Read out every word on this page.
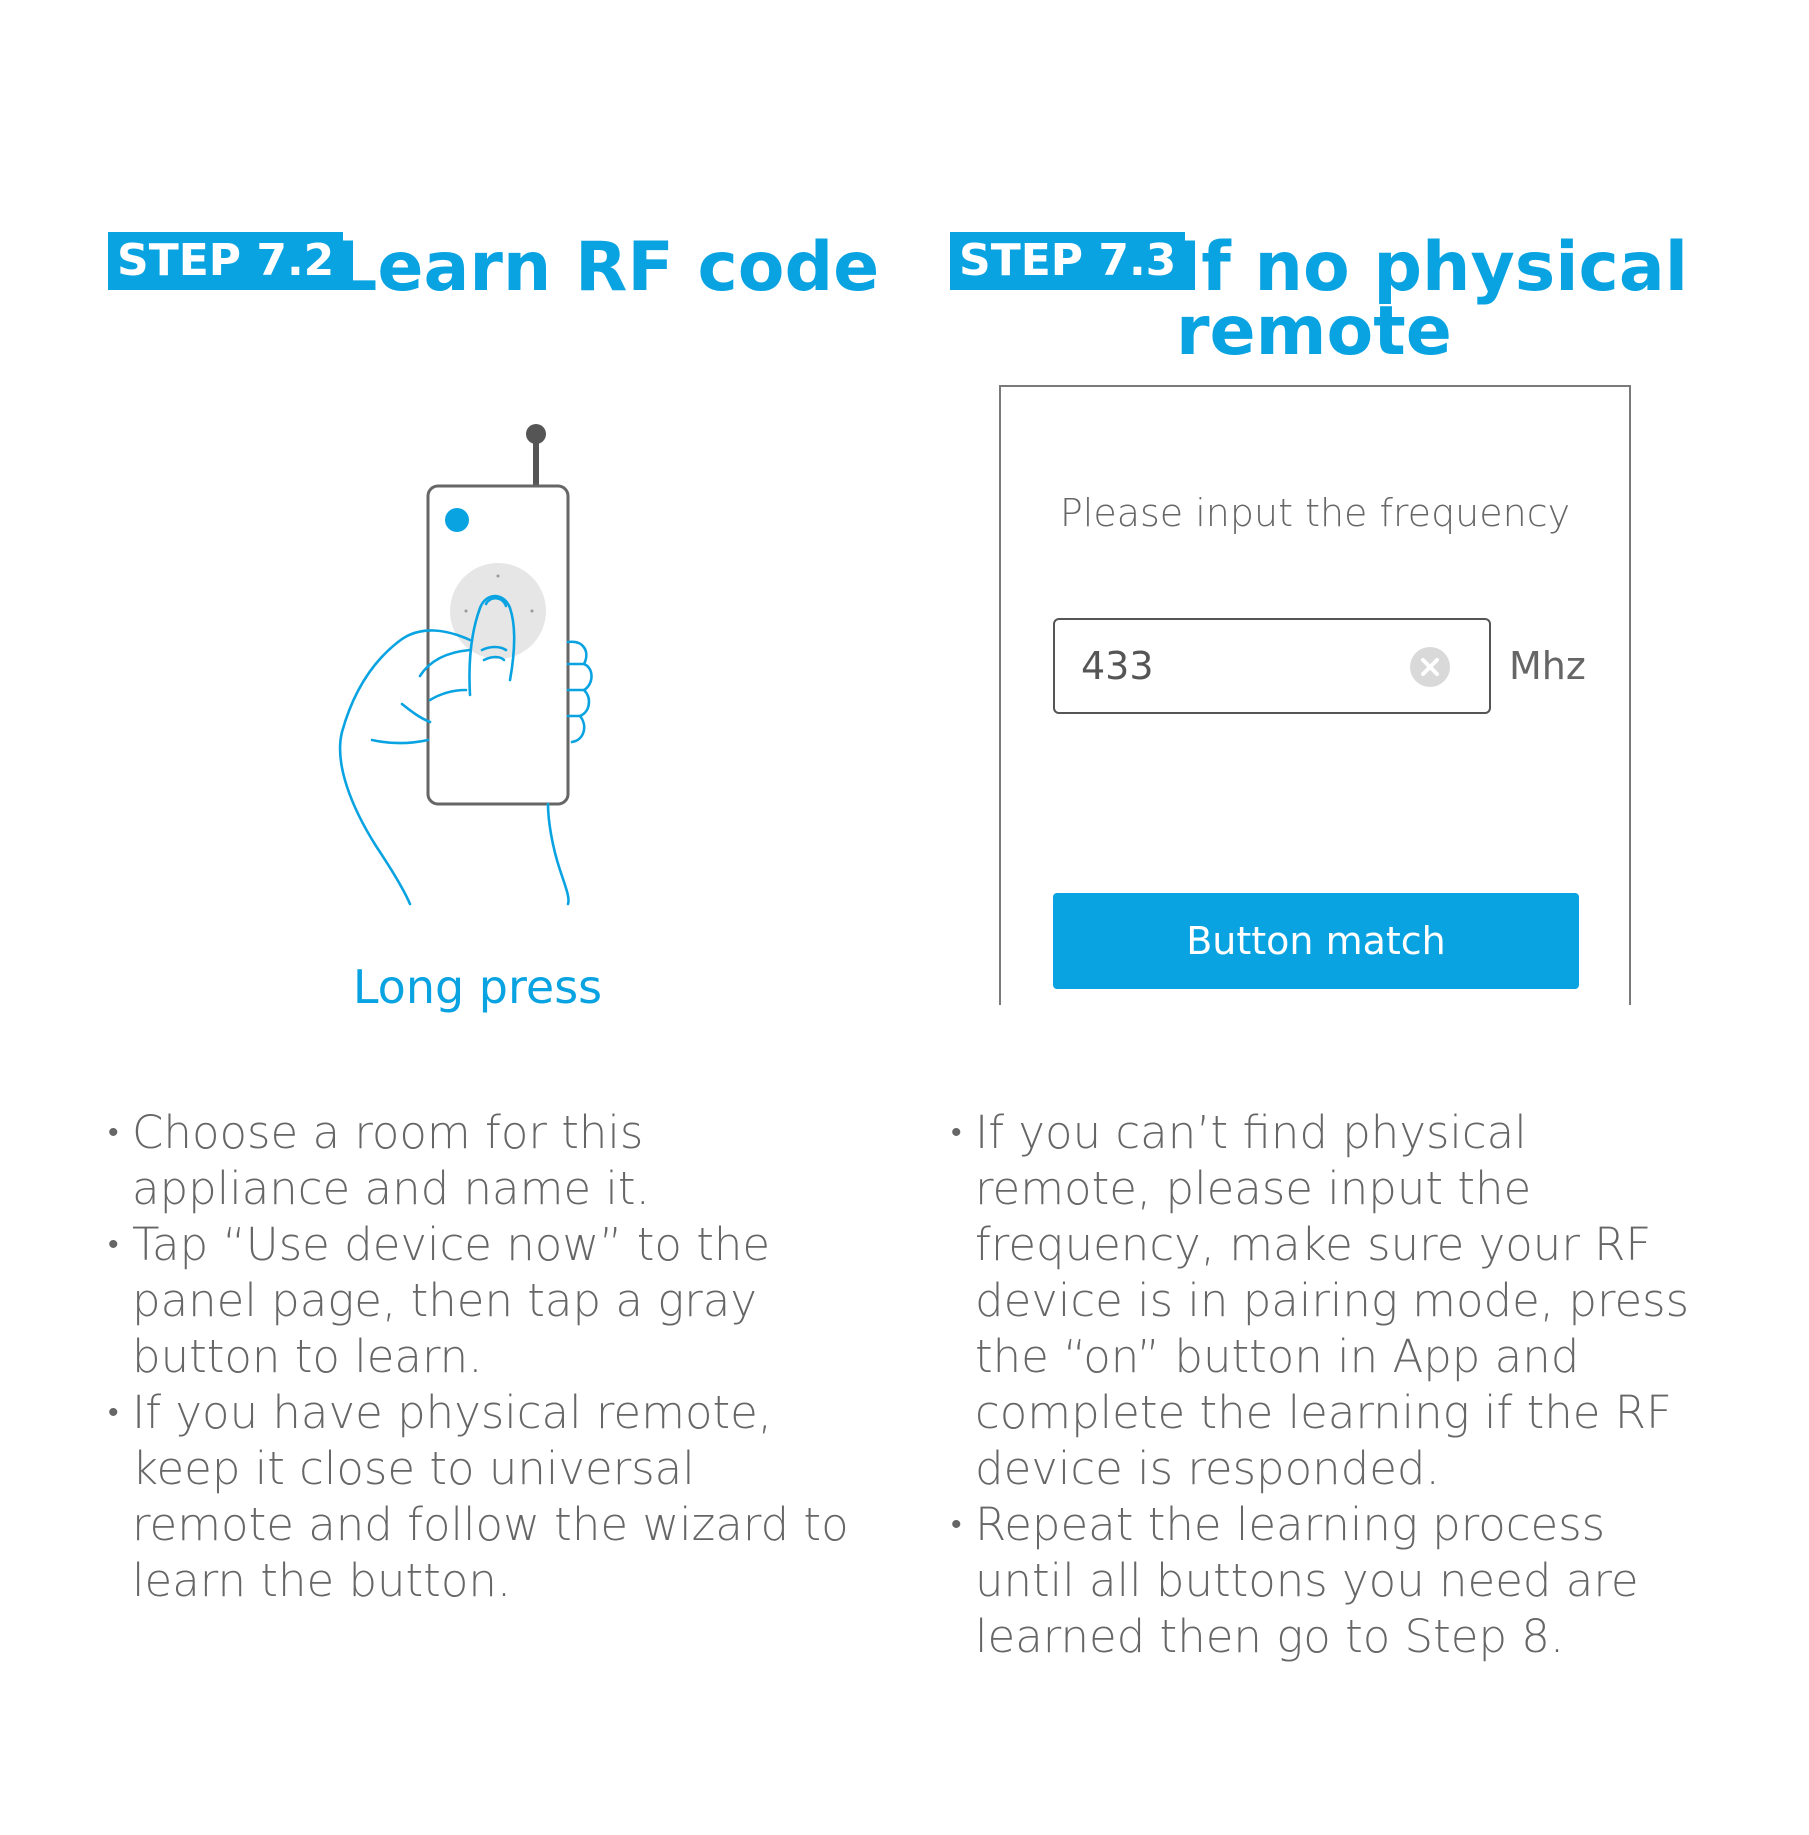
STEP 7.2 Learn RF code
Long press
• Choose a room for this appliance and name it.
• Tap “Use device now” to the panel page, then tap a gray button to learn.
• If you have physical remote, keep it close to universal remote and follow the wizard to learn the button.
STEP 7.3 If no physical
remote
Please input the frequency
433	Mhz
Button match
• If you can’t find physical remote, please input the frequency, make sure your RF device is in pairing mode, press the “on” button in App and complete the learning if the RF device is responded.
• Repeat the learning process until all buttons you need are learned then go to Step 8.
